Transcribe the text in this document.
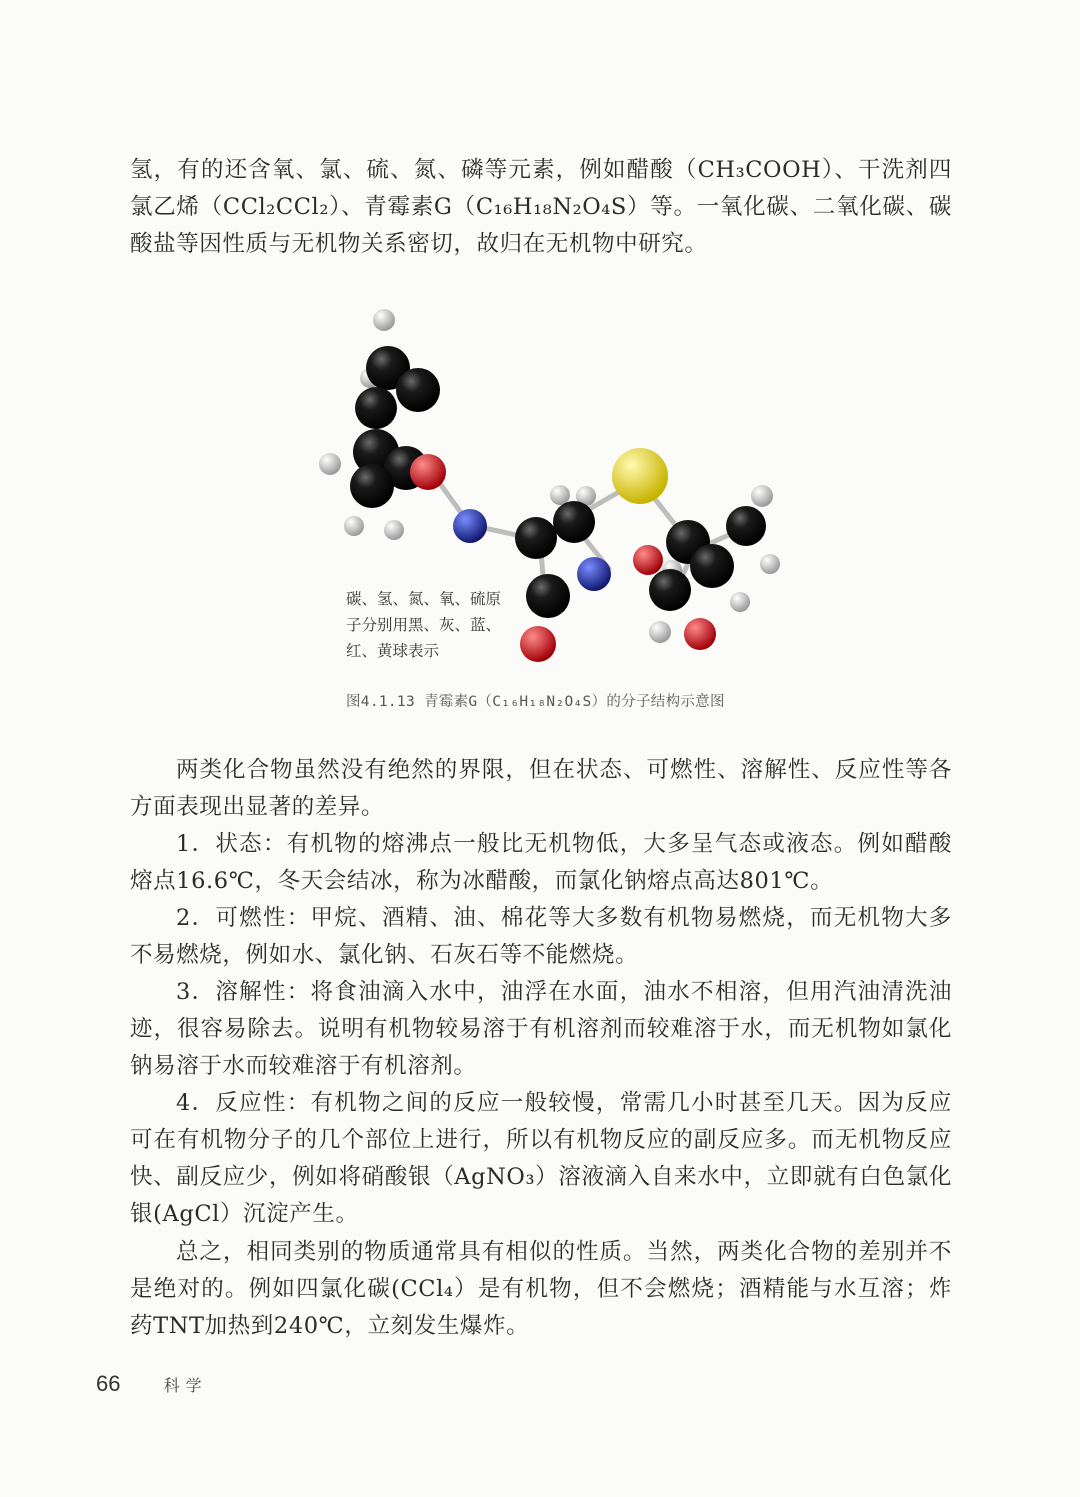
氢，有的还含氧、氯、硫、氮、磷等元素，例如醋酸（CH₃COOH）、干洗剂四氯乙烯（CCl₂CCl₂）、青霉素G（C₁₆H₁₈N₂O₄S）等。一氧化碳、二氧化碳、碳酸盐等因性质与无机物关系密切，故归在无机物中研究。

碳、氢、氮、氧、硫原子分别用黑、灰、蓝、红、黄球表示

图4.1.13 青霉素G（C₁₆H₁₈N₂O₄S）的分子结构示意图

两类化合物虽然没有绝然的界限，但在状态、可燃性、溶解性、反应性等各方面表现出显著的差异。

1．状态：有机物的熔沸点一般比无机物低，大多呈气态或液态。例如醋酸熔点16.6℃，冬天会结冰，称为冰醋酸，而氯化钠熔点高达801℃。

2．可燃性：甲烷、酒精、油、棉花等大多数有机物易燃烧，而无机物大多不易燃烧，例如水、氯化钠、石灰石等不能燃烧。

3．溶解性：将食油滴入水中，油浮在水面，油水不相溶，但用汽油清洗油迹，很容易除去。说明有机物较易溶于有机溶剂而较难溶于水，而无机物如氯化钠易溶于水而较难溶于有机溶剂。

4．反应性：有机物之间的反应一般较慢，常需几小时甚至几天。因为反应可在有机物分子的几个部位上进行，所以有机物反应的副反应多。而无机物反应快、副反应少，例如将硝酸银（AgNO₃）溶液滴入自来水中，立即就有白色氯化银(AgCl）沉淀产生。

总之，相同类别的物质通常具有相似的性质。当然，两类化合物的差别并不是绝对的。例如四氯化碳(CCl₄）是有机物，但不会燃烧；酒精能与水互溶；炸药TNT加热到240℃，立刻发生爆炸。

66	科学
